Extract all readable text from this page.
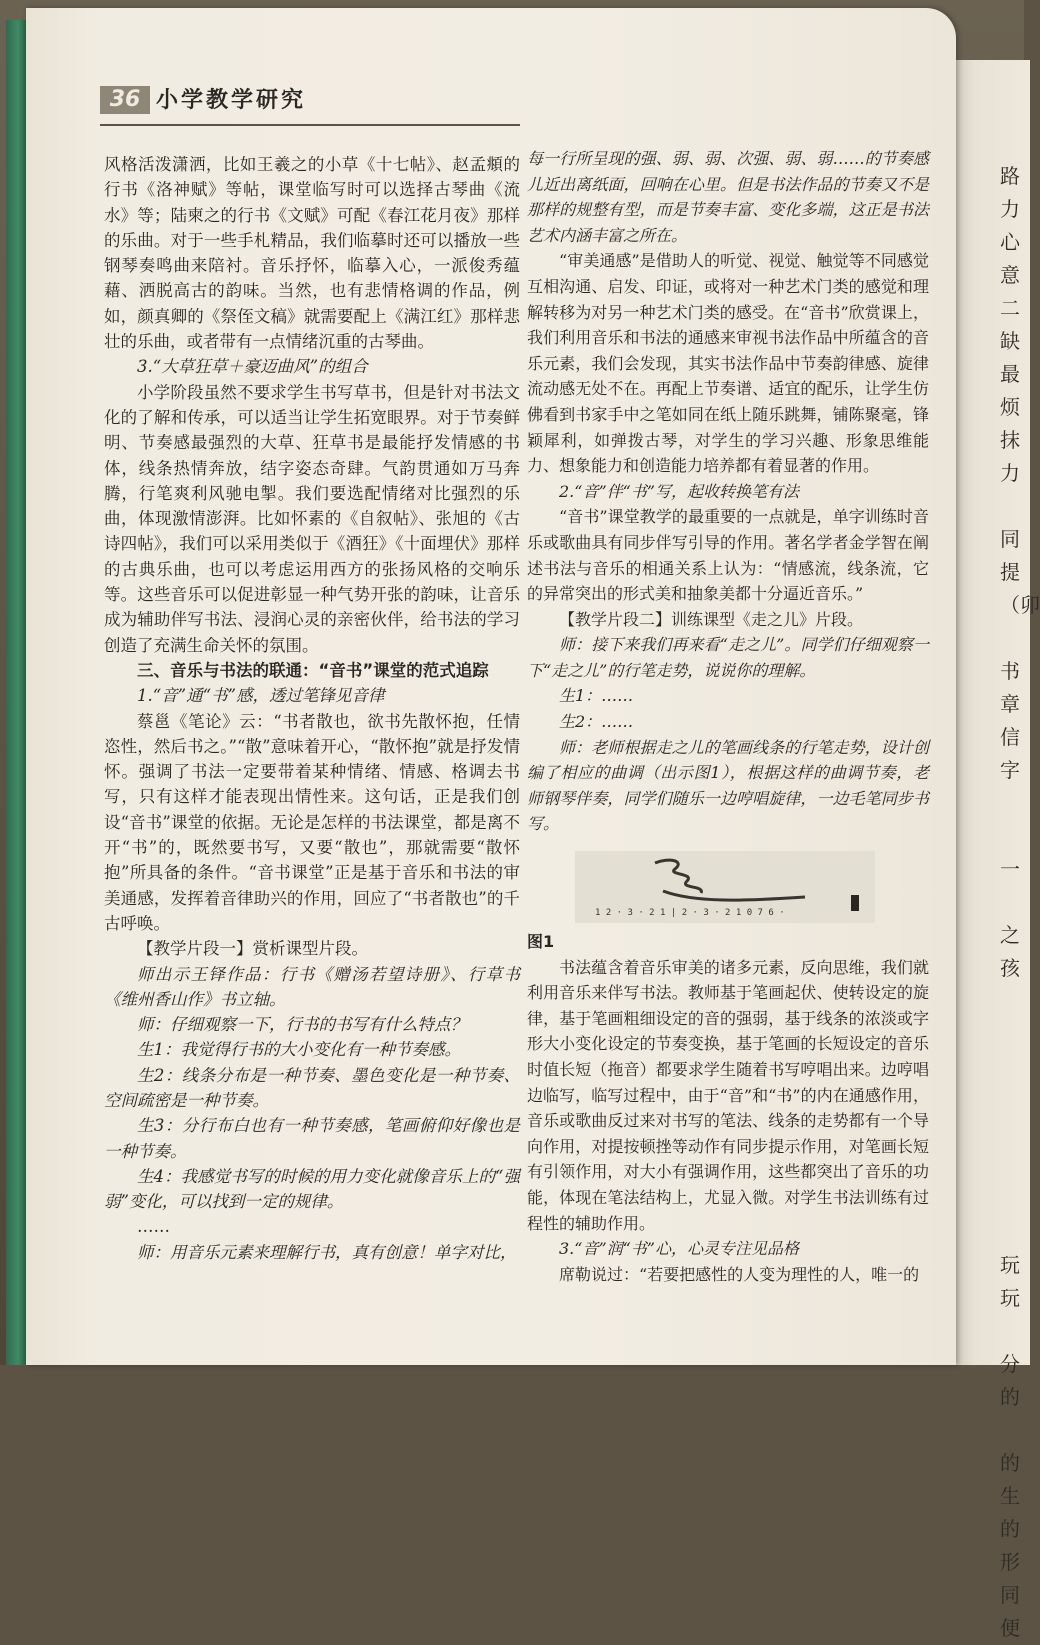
路
力
心
意
二
缺
最
烦
抹
力
同
提
（卯
书
章
信
字
一
之
孩
玩
玩
分
的
的
生
的
形
同
便
36 小学教学研究

风格活泼潇洒，比如王羲之的小草《十七帖》、赵孟頫的行书《洛神赋》等帖，课堂临写时可以选择古琴曲《流水》等；陆柬之的行书《文赋》可配《春江花月夜》那样的乐曲。对于一些手札精品，我们临摹时还可以播放一些钢琴奏鸣曲来陪衬。音乐抒怀，临摹入心，一派俊秀蕴藉、洒脱高古的韵味。当然，也有悲情格调的作品，例如，颜真卿的《祭侄文稿》就需要配上《满江红》那样悲壮的乐曲，或者带有一点情绪沉重的古琴曲。

3.“大草狂草＋豪迈曲风”的组合

小学阶段虽然不要求学生书写草书，但是针对书法文化的了解和传承，可以适当让学生拓宽眼界。对于节奏鲜明、节奏感最强烈的大草、狂草书是最能抒发情感的书体，线条热情奔放，结字姿态奇肆。气韵贯通如万马奔腾，行笔爽利风驰电掣。我们要选配情绪对比强烈的乐曲，体现激情澎湃。比如怀素的《自叙帖》、张旭的《古诗四帖》，我们可以采用类似于《酒狂》《十面埋伏》那样的古典乐曲，也可以考虑运用西方的张扬风格的交响乐等。这些音乐可以促进彰显一种气势开张的韵味，让音乐成为辅助伴写书法、浸润心灵的亲密伙伴，给书法的学习创造了充满生命关怀的氛围。

三、音乐与书法的联通：“音书”课堂的范式追踪

1.“音”通“书”感，透过笔锋见音律

蔡邕《笔论》云：“书者散也，欲书先散怀抱，任情恣性，然后书之。”“散”意味着开心，“散怀抱”就是抒发情怀。强调了书法一定要带着某种情绪、情感、格调去书写，只有这样才能表现出情性来。这句话，正是我们创设“音书”课堂的依据。无论是怎样的书法课堂，都是离不开“书”的，既然要书写，又要“散也”，那就需要“散怀抱”所具备的条件。“音书课堂”正是基于音乐和书法的审美通感，发挥着音律助兴的作用，回应了“书者散也”的千古呼唤。

【教学片段一】赏析课型片段。

师出示王铎作品：行书《赠汤若望诗册》、行草书《维州香山作》书立轴。

师：仔细观察一下，行书的书写有什么特点？

生1：我觉得行书的大小变化有一种节奏感。

生2：线条分布是一种节奏、墨色变化是一种节奏、空间疏密是一种节奏。

生3：分行布白也有一种节奏感，笔画俯仰好像也是一种节奏。

生4：我感觉书写的时候的用力变化就像音乐上的“强弱”变化，可以找到一定的规律。

……

师：用音乐元素来理解行书，真有创意！单字对比，

每一行所呈现的强、弱、弱、次强、弱、弱……的节奏感儿近出离纸面，回响在心里。但是书法作品的节奏又不是那样的规整有型，而是节奏丰富、变化多端，这正是书法艺术内涵丰富之所在。

“审美通感”是借助人的听觉、视觉、触觉等不同感觉互相沟通、启发、印证，或将对一种艺术门类的感觉和理解转移为对另一种艺术门类的感受。在“音书”欣赏课上，我们利用音乐和书法的通感来审视书法作品中所蕴含的音乐元素，我们会发现，其实书法作品中节奏韵律感、旋律流动感无处不在。再配上节奏谱、适宜的配乐，让学生仿佛看到书家手中之笔如同在纸上随乐跳舞，铺陈聚毫，锋颖犀利，如弹拨古琴，对学生的学习兴趣、形象思维能力、想象能力和创造能力培养都有着显著的作用。

2.“音”伴“书”写，起收转换笔有法

“音书”课堂教学的最重要的一点就是，单字训练时音乐或歌曲具有同步伴写引导的作用。著名学者金学智在阐述书法与音乐的相通关系上认为：“情感流，线条流，它的异常突出的形式美和抽象美都十分逼近音乐。”

【教学片段二】训练课型《走之儿》片段。

师：接下来我们再来看“走之儿”。同学们仔细观察一下“走之儿”的行笔走势，说说你的理解。

生1：……

生2：……

师：老师根据走之儿的笔画线条的行笔走势，设计创编了相应的曲调（出示图1），根据这样的曲调节奏，老师钢琴伴奏，同学们随乐一边哼唱旋律，一边毛笔同步书写。

1 2 · 3 · 2 1 | 2 · 3 · 2 1 0 7 6 ·

图1

书法蕴含着音乐审美的诸多元素，反向思维，我们就利用音乐来伴写书法。教师基于笔画起伏、使转设定的旋律，基于笔画粗细设定的音的强弱，基于线条的浓淡或字形大小变化设定的节奏变换，基于笔画的长短设定的音乐时值长短（拖音）都要求学生随着书写哼唱出来。边哼唱边临写，临写过程中，由于“音”和“书”的内在通感作用，音乐或歌曲反过来对书写的笔法、线条的走势都有一个导向作用，对提按顿挫等动作有同步提示作用，对笔画长短有引领作用，对大小有强调作用，这些都突出了音乐的功能，体现在笔法结构上，尤显入微。对学生书法训练有过程性的辅助作用。

3.“音”润“书”心，心灵专注见品格

席勒说过：“若要把感性的人变为理性的人，唯一的
